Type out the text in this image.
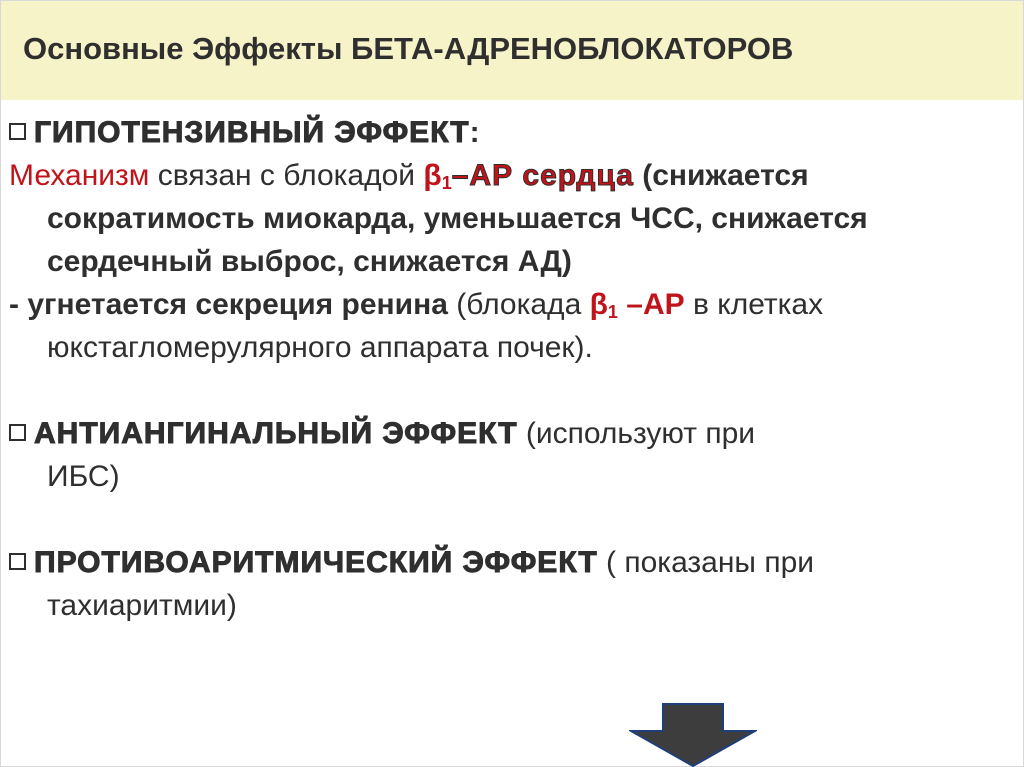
Основные Эффекты БЕТА-АДРЕНОБЛОКАТОРОВ
ГИПОТЕНЗИВНЫЙ ЭФФЕКТ:
Механизм связан с блокадой $\beta_1-АР$ сердца (снижается
сократимость миокарда, уменьшается ЧСС, снижается
сердечный выброс, снижается АД)
- угнетается секреция ренина (блокада $\beta_1$ –АР в клетках
юкстагломерулярного аппарата почек).
АНТИАНГИНАЛЬНЫЙ ЭФФЕКТ (используют при
ИБС)
ПРОТИВОАРИТМИЧЕСКИЙ ЭФФЕКТ ( показаны при
тахиаритмии)
